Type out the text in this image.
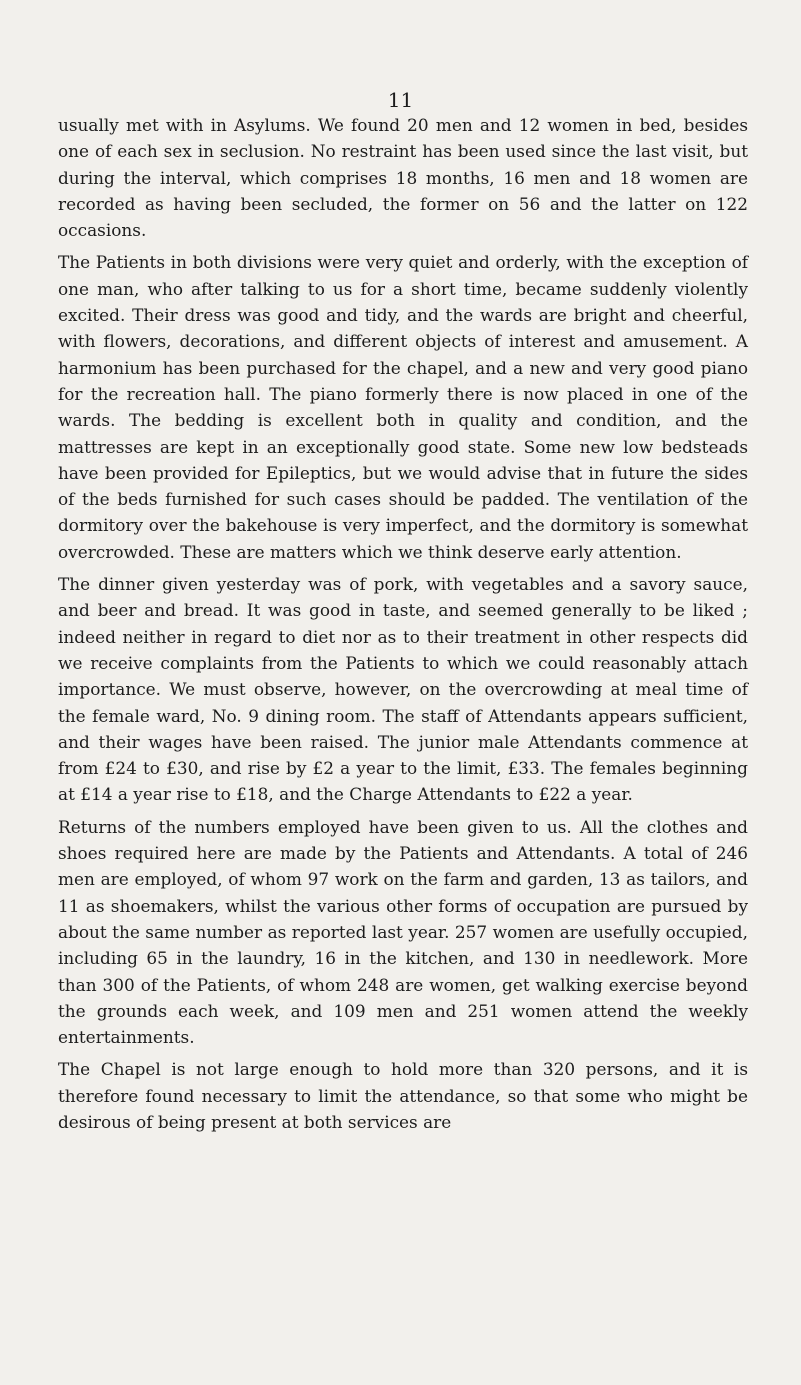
11

usually met with in Asylums. We found 20 men and 12 women in bed, besides one of each sex in seclusion. No restraint has been used since the last visit, but during the interval, which comprises 18 months, 16 men and 18 women are recorded as having been secluded, the former on 56 and the latter on 122 occasions.

The Patients in both divisions were very quiet and orderly, with the exception of one man, who after talking to us for a short time, became suddenly violently excited. Their dress was good and tidy, and the wards are bright and cheerful, with flowers, decorations, and different objects of interest and amusement. A harmonium has been purchased for the chapel, and a new and very good piano for the recreation hall. The piano formerly there is now placed in one of the wards. The bedding is excellent both in quality and condition, and the mattresses are kept in an exceptionally good state. Some new low bedsteads have been provided for Epileptics, but we would advise that in future the sides of the beds furnished for such cases should be padded. The ventilation of the dormitory over the bakehouse is very imperfect, and the dormitory is somewhat overcrowded. These are matters which we think deserve early attention.

The dinner given yesterday was of pork, with vegetables and a savory sauce, and beer and bread. It was good in taste, and seemed generally to be liked ; indeed neither in regard to diet nor as to their treatment in other respects did we receive complaints from the Patients to which we could reasonably attach importance. We must observe, however, on the overcrowding at meal time of the female ward, No. 9 dining room. The staff of Attendants appears sufficient, and their wages have been raised. The junior male Attendants commence at from £24 to £30, and rise by £2 a year to the limit, £33. The females beginning at £14 a year rise to £18, and the Charge Attendants to £22 a year.

Returns of the numbers employed have been given to us. All the clothes and shoes required here are made by the Patients and Attendants. A total of 246 men are employed, of whom 97 work on the farm and garden, 13 as tailors, and 11 as shoemakers, whilst the various other forms of occupation are pursued by about the same number as reported last year. 257 women are usefully occupied, including 65 in the laundry, 16 in the kitchen, and 130 in needlework. More than 300 of the Patients, of whom 248 are women, get walking exercise beyond the grounds each week, and 109 men and 251 women attend the weekly entertainments.

The Chapel is not large enough to hold more than 320 persons, and it is therefore found necessary to limit the attendance, so that some who might be desirous of being present at both services are
